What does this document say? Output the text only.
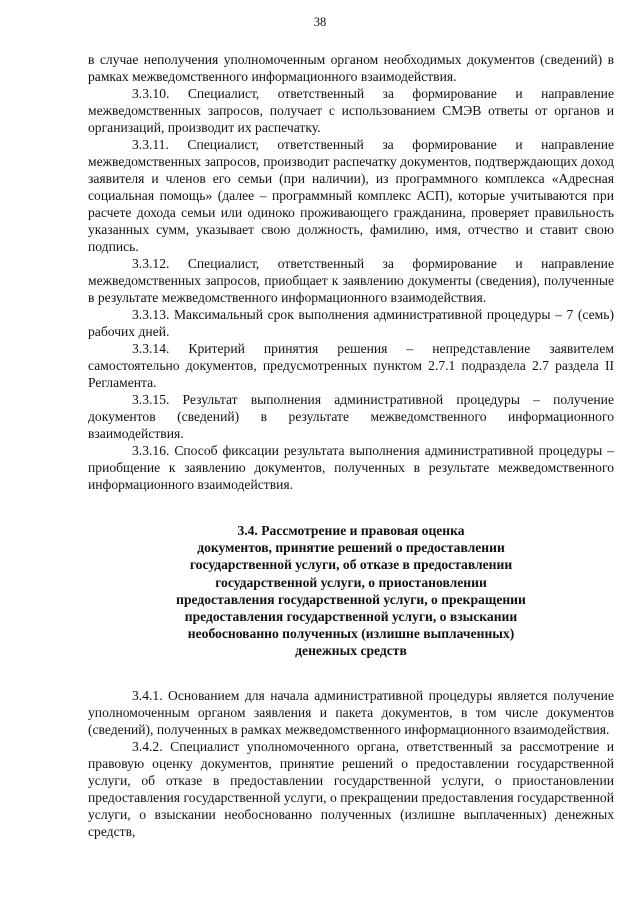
38

в случае неполучения уполномоченным органом необходимых документов (сведений) в рамках межведомственного информационного взаимодействия.

3.3.10. Специалист, ответственный за формирование и направление межведомственных запросов, получает с использованием СМЭВ ответы от органов и организаций, производит их распечатку.

3.3.11. Специалист, ответственный за формирование и направление межведомственных запросов, производит распечатку документов, подтверждающих доход заявителя и членов его семьи (при наличии), из программного комплекса «Адресная социальная помощь» (далее – программный комплекс АСП), которые учитываются при расчете дохода семьи или одиноко проживающего гражданина, проверяет правильность указанных сумм, указывает свою должность, фамилию, имя, отчество и ставит свою подпись.

3.3.12. Специалист, ответственный за формирование и направление межведомственных запросов, приобщает к заявлению документы (сведения), полученные в результате межведомственного информационного взаимодействия.

3.3.13. Максимальный срок выполнения административной процедуры – 7 (семь) рабочих дней.

3.3.14. Критерий принятия решения – непредставление заявителем самостоятельно документов, предусмотренных пунктом 2.7.1 подраздела 2.7 раздела II Регламента.

3.3.15. Результат выполнения административной процедуры – получение документов (сведений) в результате межведомственного информационного взаимодействия.

3.3.16. Способ фиксации результата выполнения административной процедуры – приобщение к заявлению документов, полученных в результате межведомственного информационного взаимодействия.

3.4. Рассмотрение и правовая оценка
документов, принятие решений о предоставлении
государственной услуги, об отказе в предоставлении
государственной услуги, о приостановлении
предоставления государственной услуги, о прекращении
предоставления государственной услуги, о взыскании
необоснованно полученных (излишне выплаченных)
денежных средств

3.4.1. Основанием для начала административной процедуры является получение уполномоченным органом заявления и пакета документов, в том числе документов (сведений), полученных в рамках межведомственного информационного взаимодействия.

3.4.2. Специалист уполномоченного органа, ответственный за рассмотрение и правовую оценку документов, принятие решений о предоставлении государственной услуги, об отказе в предоставлении государственной услуги, о приостановлении предоставления государственной услуги, о прекращении предоставления государственной услуги, о взыскании необоснованно полученных (излишне выплаченных) денежных средств,
